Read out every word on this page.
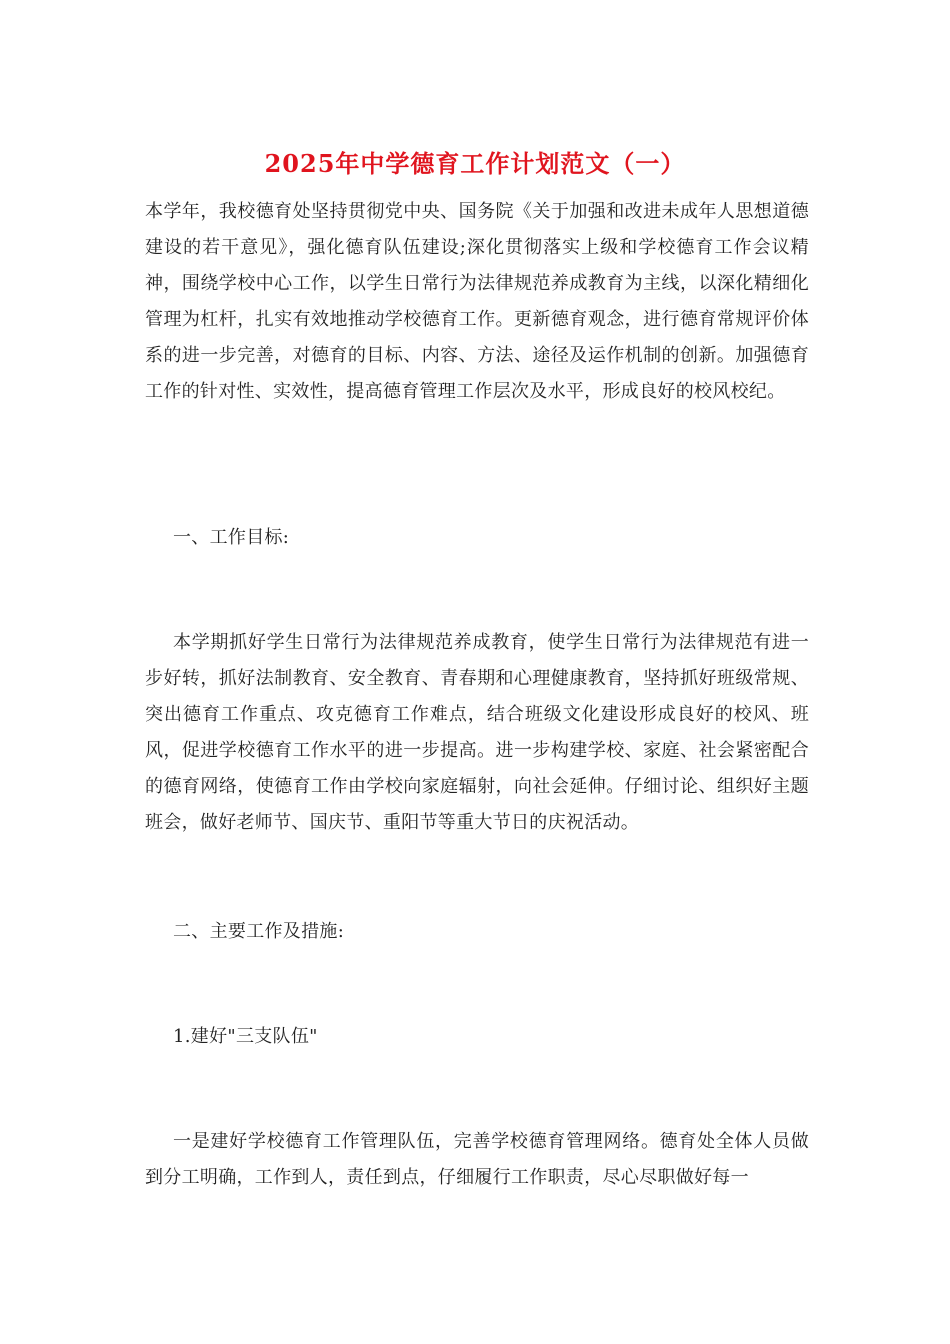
2025年中学德育工作计划范文（一）

本学年，我校德育处坚持贯彻党中央、国务院《关于加强和改进未成年人思想道德建设的若干意见》，强化德育队伍建设;深化贯彻落实上级和学校德育工作会议精神，围绕学校中心工作，以学生日常行为法律规范养成教育为主线，以深化精细化管理为杠杆，扎实有效地推动学校德育工作。更新德育观念，进行德育常规评价体系的进一步完善，对德育的目标、内容、方法、途径及运作机制的创新。加强德育工作的针对性、实效性，提高德育管理工作层次及水平，形成良好的校风校纪。

一、工作目标:

本学期抓好学生日常行为法律规范养成教育，使学生日常行为法律规范有进一步好转，抓好法制教育、安全教育、青春期和心理健康教育，坚持抓好班级常规、突出德育工作重点、攻克德育工作难点，结合班级文化建设形成良好的校风、班风，促进学校德育工作水平的进一步提高。进一步构建学校、家庭、社会紧密配合的德育网络，使德育工作由学校向家庭辐射，向社会延伸。仔细讨论、组织好主题班会，做好老师节、国庆节、重阳节等重大节日的庆祝活动。

二、主要工作及措施:

1.建好"三支队伍"

一是建好学校德育工作管理队伍，完善学校德育管理网络。德育处全体人员做到分工明确，工作到人，责任到点，仔细履行工作职责，尽心尽职做好每一
